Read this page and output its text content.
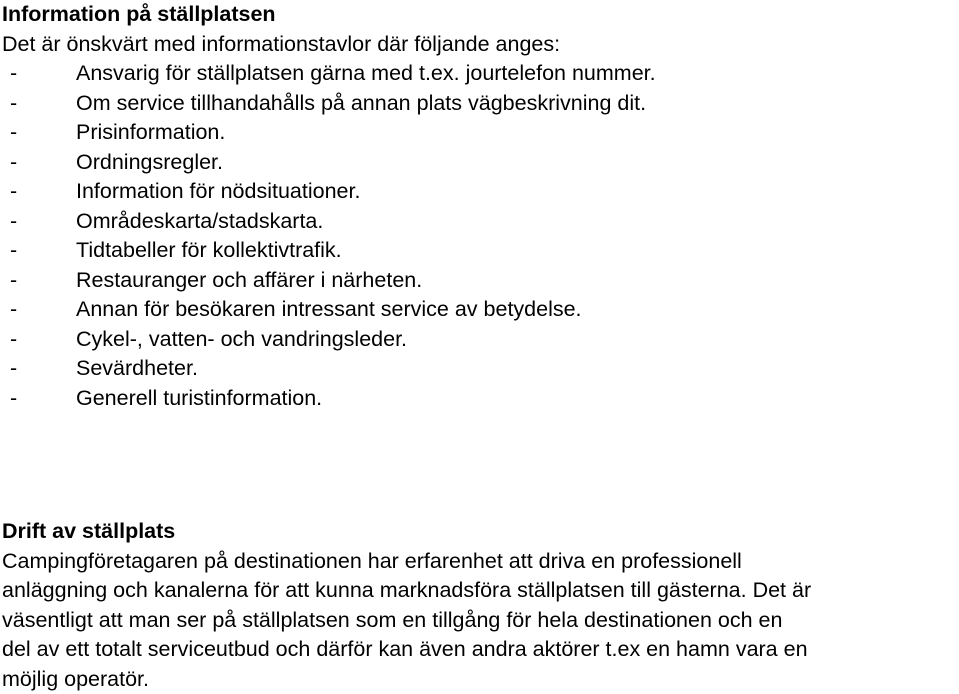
Information på ställplatsen
Det är önskvärt med informationstavlor där följande anges:
-	Ansvarig för ställplatsen gärna med t.ex. jourtelefon nummer.
-	Om service tillhandahålls på annan plats vägbeskrivning dit.
-	Prisinformation.
-	Ordningsregler.
-	Information för nödsituationer.
-	Områdeskarta/stadskarta.
-	Tidtabeller för kollektivtrafik.
-	Restauranger och affärer i närheten.
-	Annan för besökaren intressant service av betydelse.
-	Cykel-, vatten- och vandringsleder.
-	Sevärdheter.
-	Generell turistinformation.
Drift av ställplats
Campingföretagaren på destinationen har erfarenhet att driva en professionell
anläggning och kanalerna för att kunna marknadsföra ställplatsen till gästerna. Det är
väsentligt att man ser på ställplatsen som en tillgång för hela destinationen och en
del av ett totalt serviceutbud och därför kan även andra aktörer t.ex en hamn vara en
möjlig operatör.
